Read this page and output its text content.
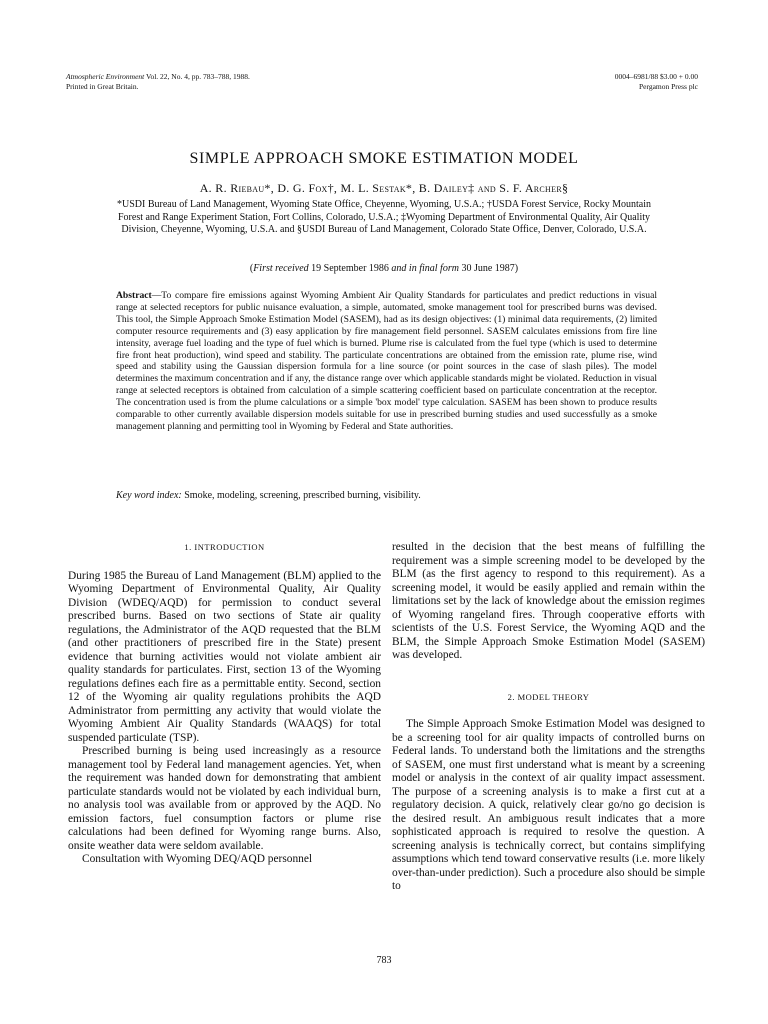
Atmospheric Environment Vol. 22, No. 4, pp. 783–788, 1988.
Printed in Great Britain.
0004–6981/88 $3.00 + 0.00
Pergamon Press plc
SIMPLE APPROACH SMOKE ESTIMATION MODEL
A. R. Riebau*, D. G. Fox†, M. L. Sestak*, B. Dailey‡ and S. F. Archer§
*USDI Bureau of Land Management, Wyoming State Office, Cheyenne, Wyoming, U.S.A.; †USDA Forest Service, Rocky Mountain Forest and Range Experiment Station, Fort Collins, Colorado, U.S.A.; ‡Wyoming Department of Environmental Quality, Air Quality Division, Cheyenne, Wyoming, U.S.A. and §USDI Bureau of Land Management, Colorado State Office, Denver, Colorado, U.S.A.
(First received 19 September 1986 and in final form 30 June 1987)
Abstract—To compare fire emissions against Wyoming Ambient Air Quality Standards for particulates and predict reductions in visual range at selected receptors for public nuisance evaluation, a simple, automated, smoke management tool for prescribed burns was devised. This tool, the Simple Approach Smoke Estimation Model (SASEM), had as its design objectives: (1) minimal data requirements, (2) limited computer resource requirements and (3) easy application by fire management field personnel. SASEM calculates emissions from fire line intensity, average fuel loading and the type of fuel which is burned. Plume rise is calculated from the fuel type (which is used to determine fire front heat production), wind speed and stability. The particulate concentrations are obtained from the emission rate, plume rise, wind speed and stability using the Gaussian dispersion formula for a line source (or point sources in the case of slash piles). The model determines the maximum concentration and if any, the distance range over which applicable standards might be violated. Reduction in visual range at selected receptors is obtained from calculation of a simple scattering coefficient based on particulate concentration at the receptor. The concentration used is from the plume calculations or a simple 'box model' type calculation. SASEM has been shown to produce results comparable to other currently available dispersion models suitable for use in prescribed burning studies and used successfully as a smoke management planning and permitting tool in Wyoming by Federal and State authorities.
Key word index: Smoke, modeling, screening, prescribed burning, visibility.
1. INTRODUCTION

During 1985 the Bureau of Land Management (BLM) applied to the Wyoming Department of Environmental Quality, Air Quality Division (WDEQ/AQD) for permission to conduct several prescribed burns. Based on two sections of State air quality regulations, the Administrator of the AQD requested that the BLM (and other practitioners of prescribed fire in the State) present evidence that burning activities would not violate ambient air quality standards for particulates. First, section 13 of the Wyoming regulations defines each fire as a permittable entity. Second, section 12 of the Wyoming air quality regulations prohibits the AQD Administrator from permitting any activity that would violate the Wyoming Ambient Air Quality Standards (WAAQS) for total suspended particulate (TSP).

Prescribed burning is being used increasingly as a resource management tool by Federal land management agencies. Yet, when the requirement was handed down for demonstrating that ambient particulate standards would not be violated by each individual burn, no analysis tool was available from or approved by the AQD. No emission factors, fuel consumption factors or plume rise calculations had been defined for Wyoming range burns. Also, onsite weather data were seldom available.

Consultation with Wyoming DEQ/AQD personnel

resulted in the decision that the best means of fulfilling the requirement was a simple screening model to be developed by the BLM (as the first agency to respond to this requirement). As a screening model, it would be easily applied and remain within the limitations set by the lack of knowledge about the emission regimes of Wyoming rangeland fires. Through cooperative efforts with scientists of the U.S. Forest Service, the Wyoming AQD and the BLM, the Simple Approach Smoke Estimation Model (SASEM) was developed.

2. MODEL THEORY

The Simple Approach Smoke Estimation Model was designed to be a screening tool for air quality impacts of controlled burns on Federal lands. To understand both the limitations and the strengths of SASEM, one must first understand what is meant by a screening model or analysis in the context of air quality impact assessment. The purpose of a screening analysis is to make a first cut at a regulatory decision. A quick, relatively clear go/no go decision is the desired result. An ambiguous result indicates that a more sophisticated approach is required to resolve the question. A screening analysis is technically correct, but contains simplifying assumptions which tend toward conservative results (i.e. more likely over-than-under prediction). Such a procedure also should be simple to

783
